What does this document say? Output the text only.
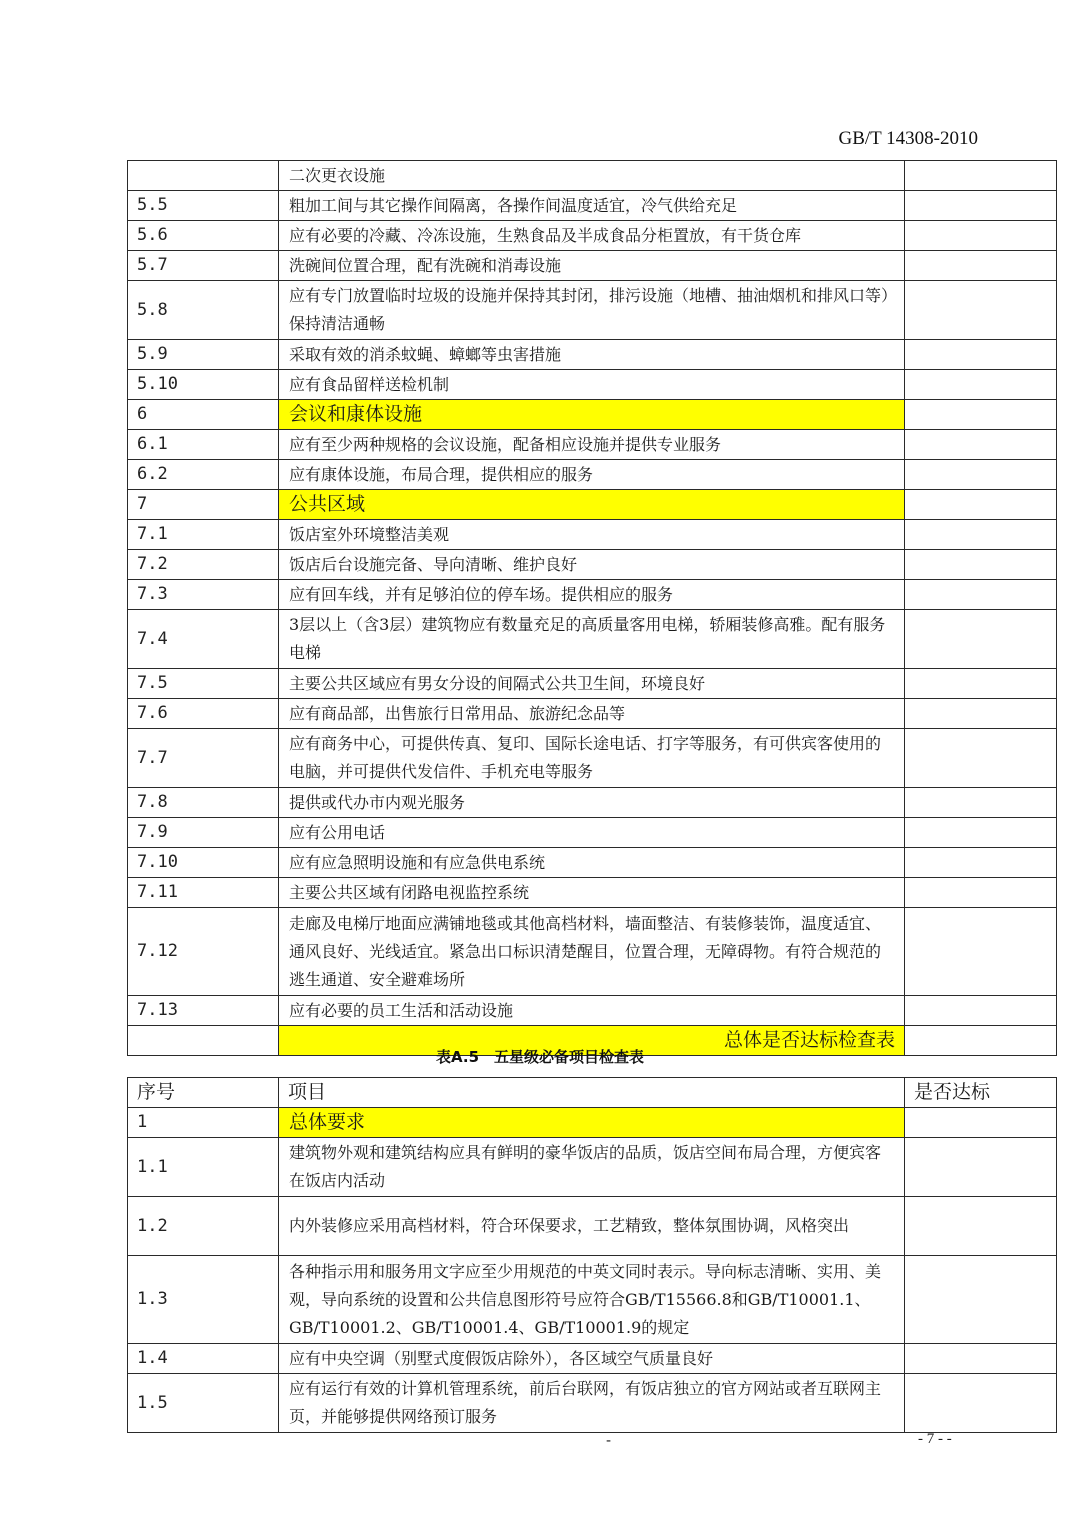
GB/T 14308-2010
	二次更衣设施	
5.5	粗加工间与其它操作间隔离，各操作间温度适宜，冷气供给充足	
5.6	应有必要的冷藏、冷冻设施，生熟食品及半成食品分柜置放，有干货仓库	
5.7	洗碗间位置合理，配有洗碗和消毒设施	
5.8	应有专门放置临时垃圾的设施并保持其封闭，排污设施（地槽、抽油烟机和排风口等）保持清洁通畅	
5.9	采取有效的消杀蚊蝇、蟑螂等虫害措施	
5.10	应有食品留样送检机制	
6	会议和康体设施	
6.1	应有至少两种规格的会议设施，配备相应设施并提供专业服务	
6.2	应有康体设施，布局合理，提供相应的服务	
7	公共区域	
7.1	饭店室外环境整洁美观	
7.2	饭店后台设施完备、导向清晰、维护良好	
7.3	应有回车线，并有足够泊位的停车场。提供相应的服务	
7.4	3层以上（含3层）建筑物应有数量充足的高质量客用电梯，轿厢装修高雅。配有服务电梯	
7.5	主要公共区域应有男女分设的间隔式公共卫生间，环境良好	
7.6	应有商品部，出售旅行日常用品、旅游纪念品等	
7.7	应有商务中心，可提供传真、复印、国际长途电话、打字等服务，有可供宾客使用的电脑，并可提供代发信件、手机充电等服务	
7.8	提供或代办市内观光服务	
7.9	应有公用电话	
7.10	应有应急照明设施和有应急供电系统	
7.11	主要公共区域有闭路电视监控系统	
7.12	走廊及电梯厅地面应满铺地毯或其他高档材料，墙面整洁、有装修装饰，温度适宜、通风良好、光线适宜。紧急出口标识清楚醒目，位置合理，无障碍物。有符合规范的逃生通道、安全避难场所	
7.13	应有必要的员工生活和活动设施	
	总体是否达标检查表	
表A.5　五星级必备项目检查表
序号	项目	是否达标
1	总体要求	
1.1	建筑物外观和建筑结构应具有鲜明的豪华饭店的品质，饭店空间布局合理，方便宾客在饭店内活动	
1.2	内外装修应采用高档材料，符合环保要求，工艺精致，整体氛围协调，风格突出	
1.3	各种指示用和服务用文字应至少用规范的中英文同时表示。导向标志清晰、实用、美观，导向系统的设置和公共信息图形符号应符合GB/T15566.8和GB/T10001.1、GB/T10001.2、GB/T10001.4、GB/T10001.9的规定	
1.4	应有中央空调（别墅式度假饭店除外），各区域空气质量良好	
1.5	应有运行有效的计算机管理系统，前后台联网，有饭店独立的官方网站或者互联网主页，并能够提供网络预订服务	
-	- 7 - -
